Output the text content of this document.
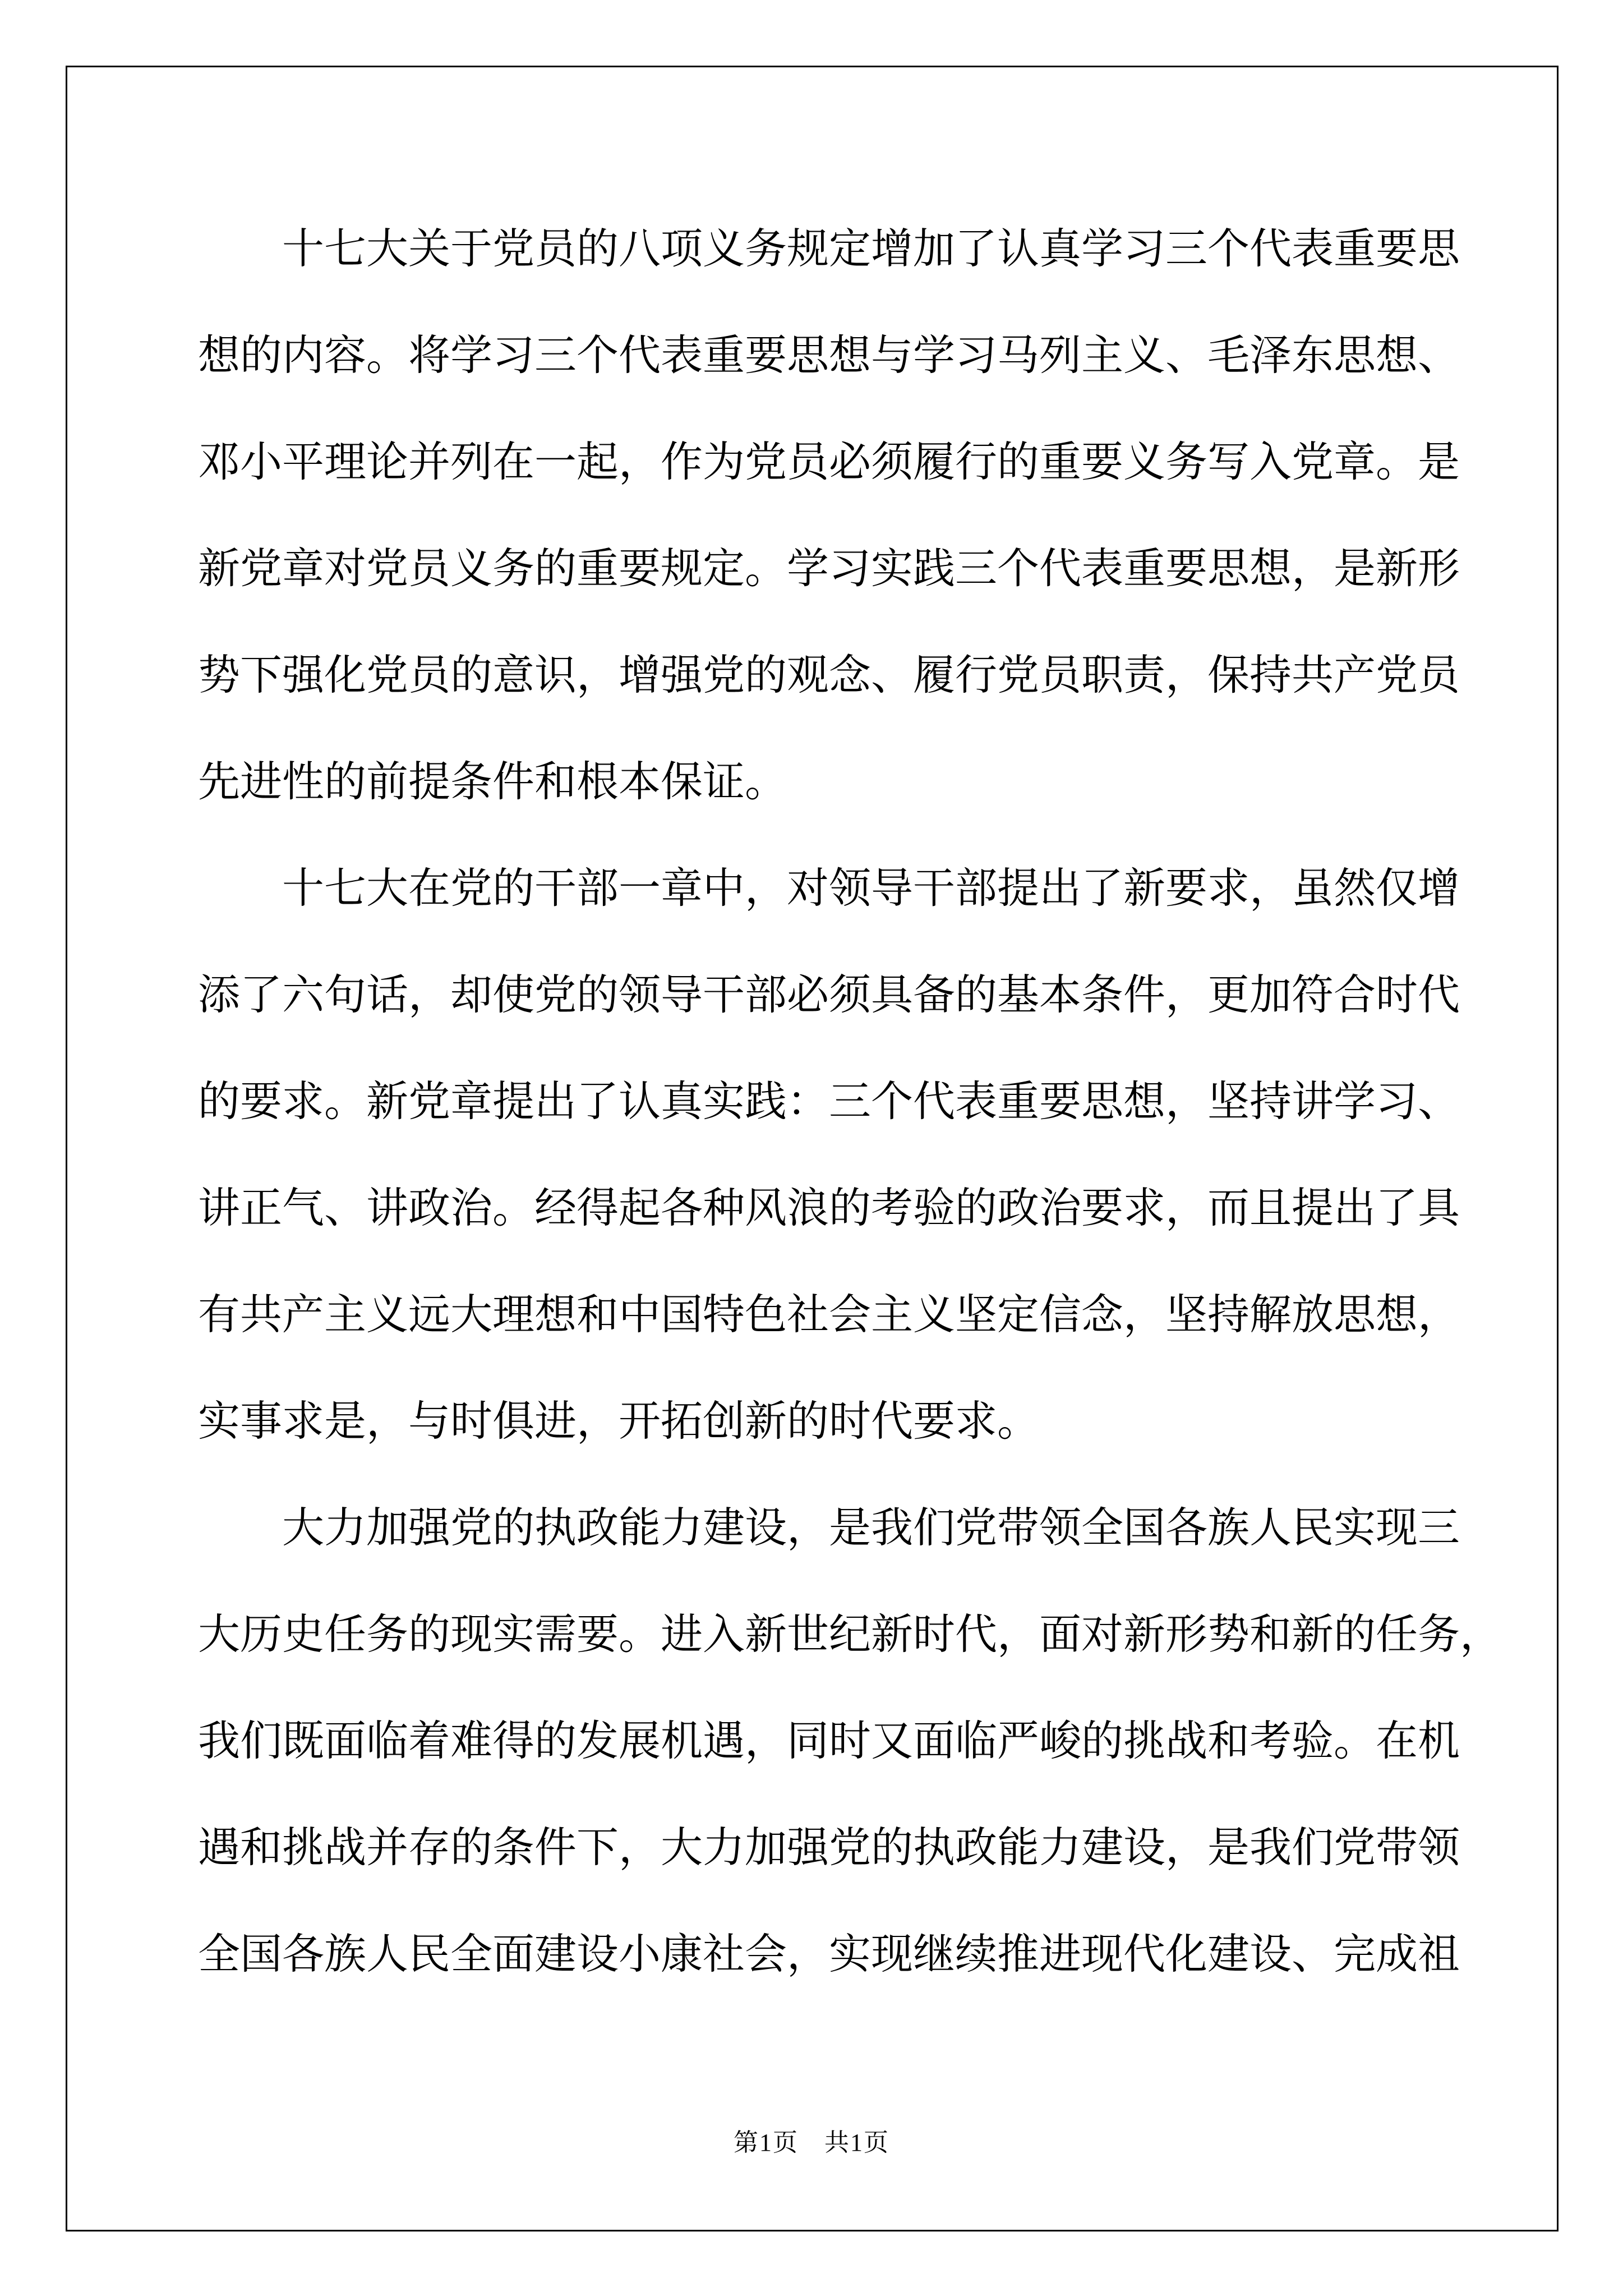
十七大关于党员的八项义务规定增加了认真学习三个代表重要思
想的内容。将学习三个代表重要思想与学习马列主义、毛泽东思想、
邓小平理论并列在一起，作为党员必须履行的重要义务写入党章。是
新党章对党员义务的重要规定。学习实践三个代表重要思想，是新形
势下强化党员的意识，增强党的观念、履行党员职责，保持共产党员
先进性的前提条件和根本保证。
十七大在党的干部一章中，对领导干部提出了新要求，虽然仅增
添了六句话，却使党的领导干部必须具备的基本条件，更加符合时代
的要求。新党章提出了认真实践：三个代表重要思想，坚持讲学习、
讲正气、讲政治。经得起各种风浪的考验的政治要求，而且提出了具
有共产主义远大理想和中国特色社会主义坚定信念，坚持解放思想，
实事求是，与时俱进，开拓创新的时代要求。
大力加强党的执政能力建设，是我们党带领全国各族人民实现三
大历史任务的现实需要。进入新世纪新时代，面对新形势和新的任务，
我们既面临着难得的发展机遇，同时又面临严峻的挑战和考验。在机
遇和挑战并存的条件下，大力加强党的执政能力建设，是我们党带领
全国各族人民全面建设小康社会，实现继续推进现代化建设、完成祖
第1页　共1页
